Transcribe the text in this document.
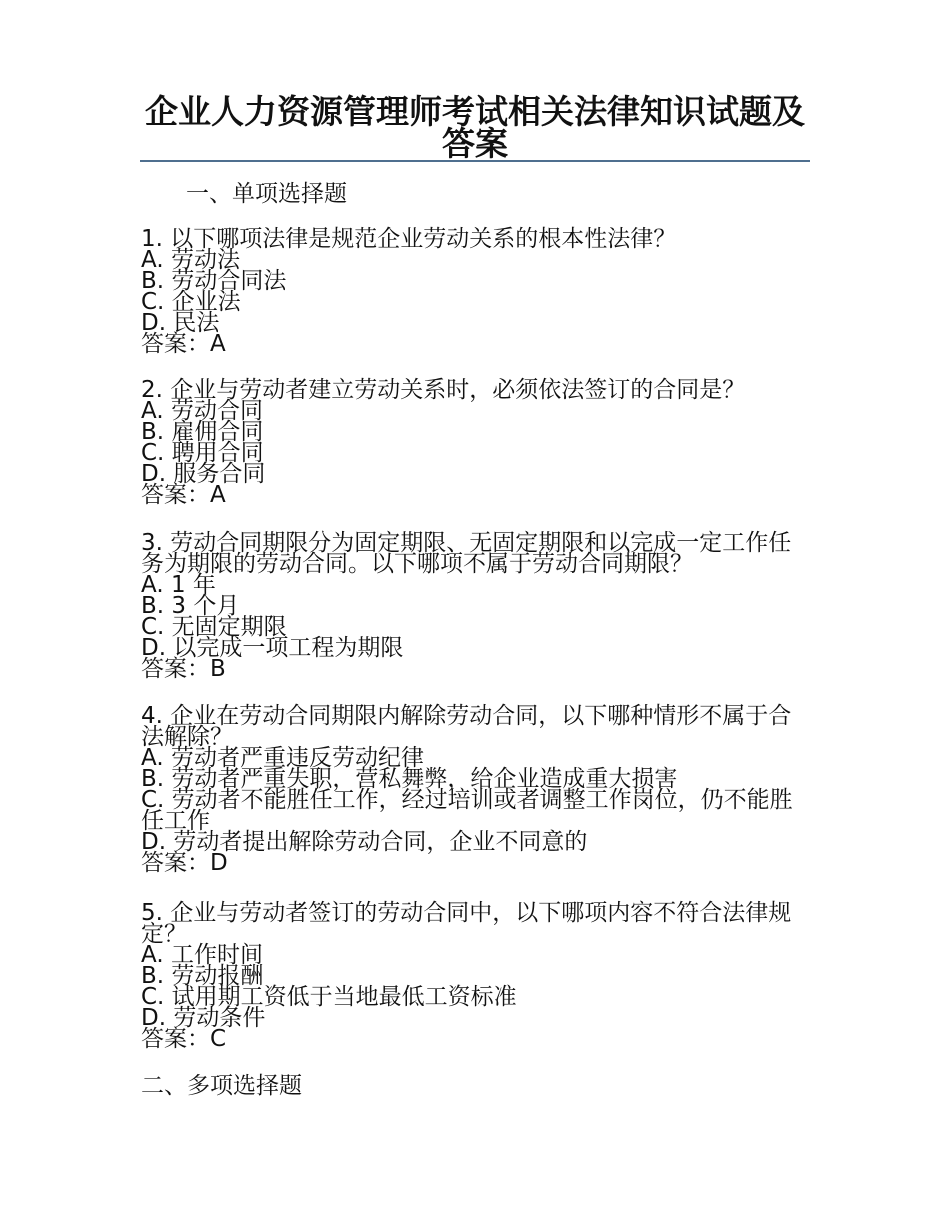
企业人力资源管理师考试相关法律知识试题及答案
一、单项选择题
1. 以下哪项法律是规范企业劳动关系的根本性法律？
A. 劳动法
B. 劳动合同法
C. 企业法
D. 民法
答案：A
2. 企业与劳动者建立劳动关系时，必须依法签订的合同是？
A. 劳动合同
B. 雇佣合同
C. 聘用合同
D. 服务合同
答案：A
3. 劳动合同期限分为固定期限、无固定期限和以完成一定工作任务为期限的劳动合同。以下哪项不属于劳动合同期限？
A. 1 年
B. 3 个月
C. 无固定期限
D. 以完成一项工程为期限
答案：B
4. 企业在劳动合同期限内解除劳动合同，以下哪种情形不属于合法解除？
A. 劳动者严重违反劳动纪律
B. 劳动者严重失职，营私舞弊，给企业造成重大损害
C. 劳动者不能胜任工作，经过培训或者调整工作岗位，仍不能胜任工作
D. 劳动者提出解除劳动合同，企业不同意的
答案：D
5. 企业与劳动者签订的劳动合同中，以下哪项内容不符合法律规定？
A. 工作时间
B. 劳动报酬
C. 试用期工资低于当地最低工资标准
D. 劳动条件
答案：C
二、多项选择题
